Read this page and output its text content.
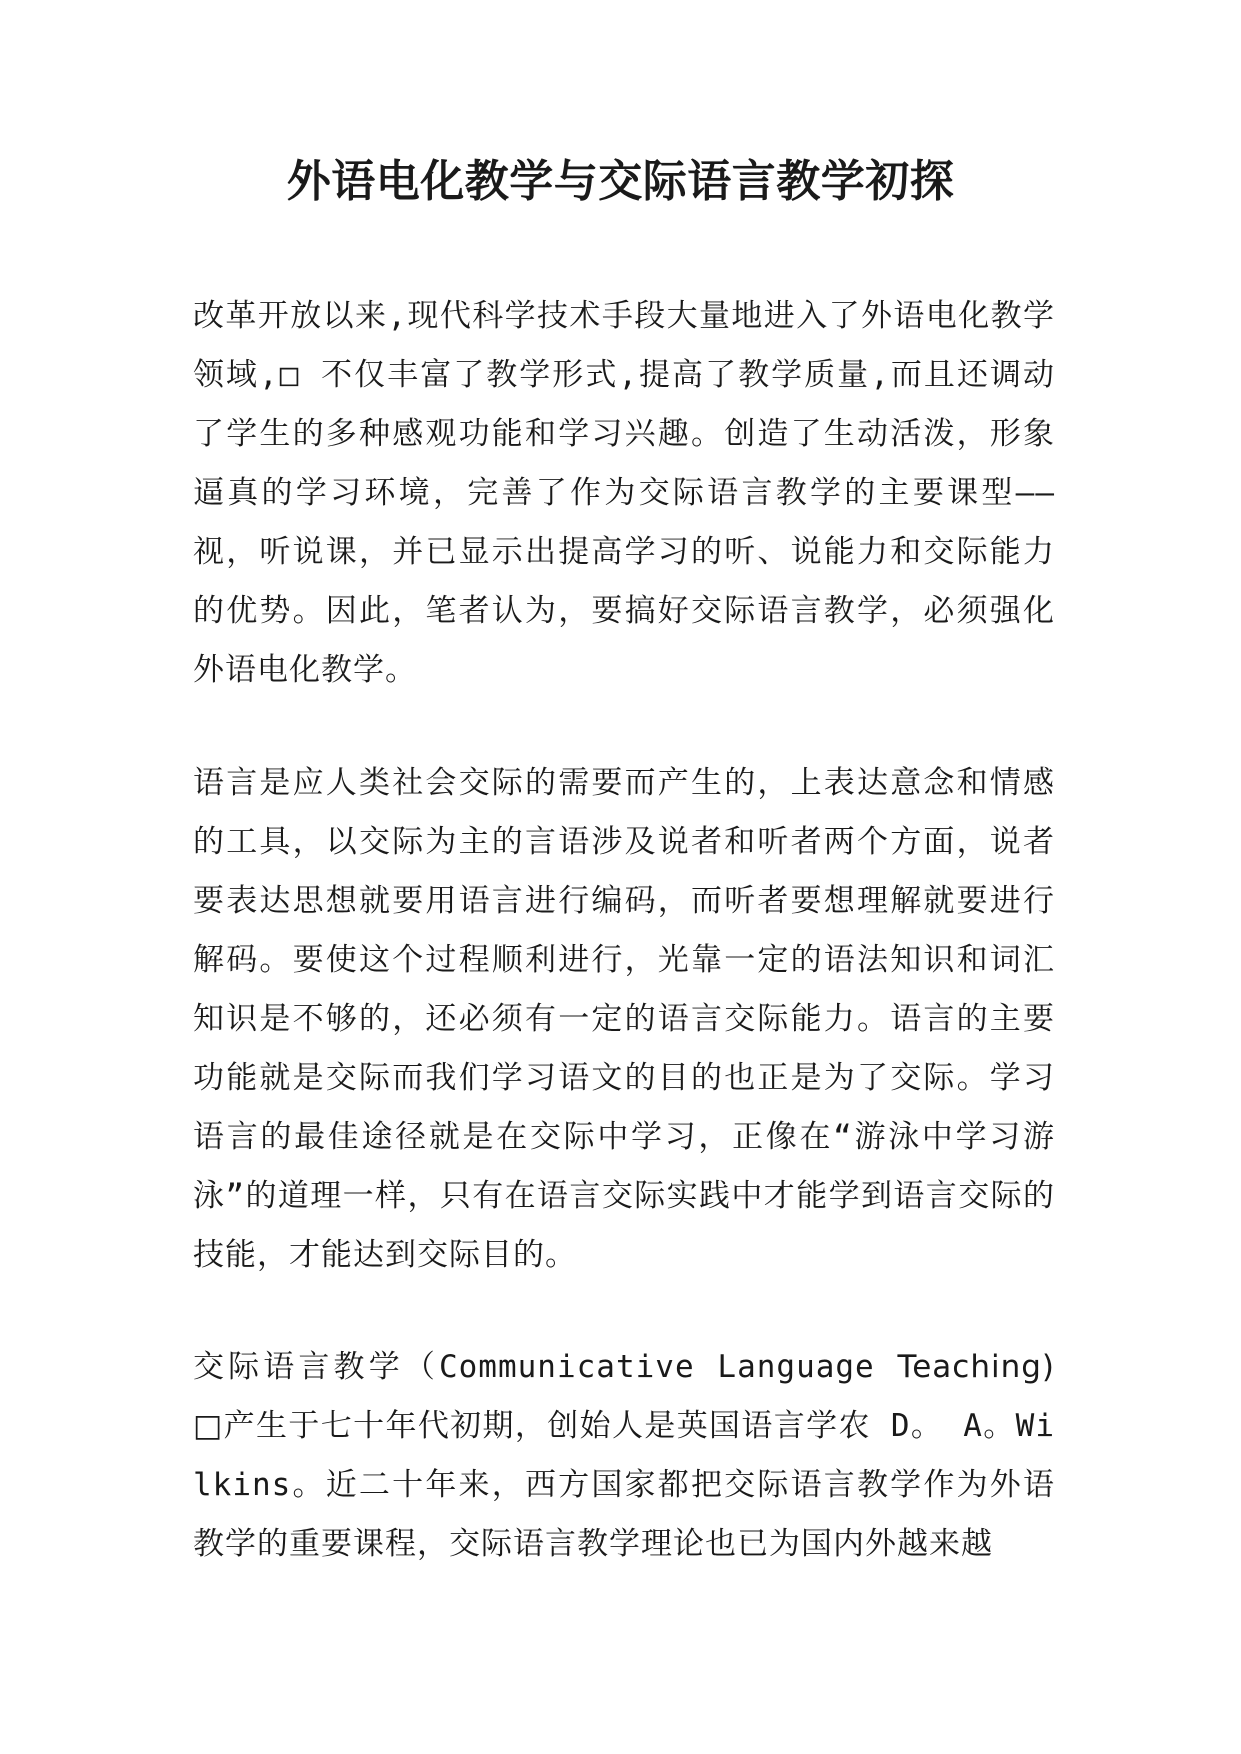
外语电化教学与交际语言教学初探

改革开放以来,现代科学技术手段大量地进入了外语电化教学领域,□ 不仅丰富了教学形式,提高了教学质量,而且还调动了学生的多种感观功能和学习兴趣。创造了生动活泼，形象逼真的学习环境，完善了作为交际语言教学的主要课型——视，听说课，并已显示出提高学习的听、说能力和交际能力的优势。因此，笔者认为，要搞好交际语言教学，必须强化外语电化教学。

语言是应人类社会交际的需要而产生的，上表达意念和情感的工具，以交际为主的言语涉及说者和听者两个方面，说者要表达思想就要用语言进行编码，而听者要想理解就要进行解码。要使这个过程顺利进行，光靠一定的语法知识和词汇知识是不够的，还必须有一定的语言交际能力。语言的主要功能就是交际而我们学习语文的目的也正是为了交际。学习语言的最佳途径就是在交际中学习，正像在“游泳中学习游泳”的道理一样，只有在语言交际实践中才能学到语言交际的技能，才能达到交际目的。

交际语言教学（Communicative Language Teaching)□产生于七十年代初期，创始人是英国语言学农 D。 A。Wilkins。近二十年来，西方国家都把交际语言教学作为外语教学的重要课程，交际语言教学理论也已为国内外越来越
